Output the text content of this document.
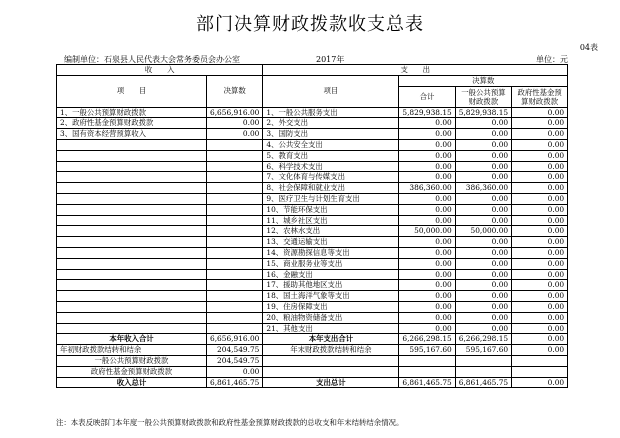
部门决算财政拨款收支总表
04表
编制单位：石泉县人民代表大会常务委员会办公室	2017年	单位：元
收　　入		支　　出			
项　　目	决算数	项目	决算数		
			合计	一般公共预算财政拨款	政府性基金预算财政拨款
1、一般公共预算财政拨款	6,656,916.00	1、一般公共服务支出	5,829,938.15	5,829,938.15	0.00
2、政府性基金预算财政拨款	0.00	2、外交支出	0.00	0.00	0.00
3、国有资本经营预算收入	0.00	3、国防支出	0.00	0.00	0.00
		4、公共安全支出	0.00	0.00	0.00
		5、教育支出	0.00	0.00	0.00
		6、科学技术支出	0.00	0.00	0.00
		7、文化体育与传媒支出	0.00	0.00	0.00
		8、社会保障和就业支出	386,360.00	386,360.00	0.00
		9、医疗卫生与计划生育支出	0.00	0.00	0.00
		10、节能环保支出	0.00	0.00	0.00
		11、城乡社区支出	0.00	0.00	0.00
		12、农林水支出	50,000.00	50,000.00	0.00
		13、交通运输支出	0.00	0.00	0.00
		14、资源勘探信息等支出	0.00	0.00	0.00
		15、商业服务业等支出	0.00	0.00	0.00
		16、金融支出	0.00	0.00	0.00
		17、援助其他地区支出	0.00	0.00	0.00
		18、国土海洋气象等支出	0.00	0.00	0.00
		19、住房保障支出	0.00	0.00	0.00
		20、粮油物资储备支出	0.00	0.00	0.00
		21、其他支出	0.00	0.00	0.00
本年收入合计	6,656,916.00	本年支出合计	6,266,298.15	6,266,298.15	0.00
年初财政拨款结转和结余	204,549.75	年末财政拨款结转和结余	595,167.60	595,167.60	0.00
一般公共预算财政拨款	204,549.75				
政府性基金预算财政拨款	0.00				
收入总计	6,861,465.75	支出总计	6,861,465.75	6,861,465.75	0.00
注：本表反映部门本年度一般公共预算财政拨款和政府性基金预算财政拨款的总收支和年末结转结余情况。
